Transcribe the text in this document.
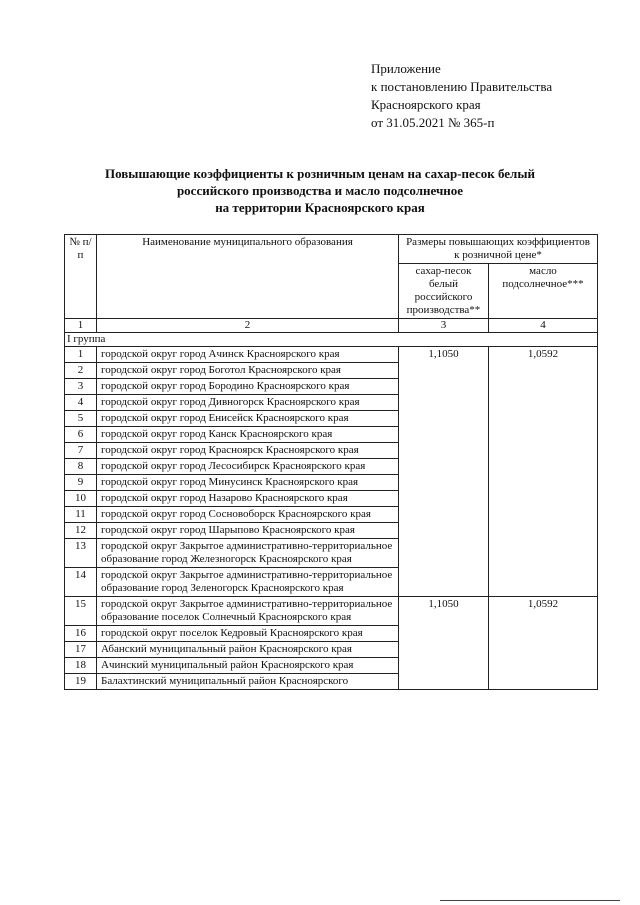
Приложение
к постановлению Правительства
Красноярского края
от 31.05.2021 № 365-п
Повышающие коэффициенты к розничным ценам на сахар-песок белый
российского производства и масло подсолнечное
на территории Красноярского края
№ п/п	Наименование муниципального образования	Размеры повышающих коэффициентов к розничной цене*	
		сахар-песок белый российского производства**	масло подсолнечное***
1	2	3	4
I группа			
1	городской округ город Ачинск Красноярского края	1,1050	1,0592
2	городской округ город Боготол Красноярского края		
3	городской округ город Бородино Красноярского края		
4	городской округ город Дивногорск Красноярского края		
5	городской округ город Енисейск Красноярского края		
6	городской округ город Канск Красноярского края		
7	городской округ город Красноярск Красноярского края		
8	городской округ город Лесосибирск Красноярского края		
9	городской округ город Минусинск Красноярского края		
10	городской округ город Назарово Красноярского края		
11	городской округ город Сосновоборск Красноярского края		
12	городской округ город Шарыпово Красноярского края		
13	городской округ Закрытое административно-территориальное образование город Железногорск Красноярского края		
14	городской округ Закрытое административно-территориальное образование город Зеленогорск Красноярского края		
15	городской округ Закрытое административно-территориальное образование поселок Солнечный Красноярского края	1,1050	1,0592
16	городской округ поселок Кедровый Красноярского края		
17	Абанский муниципальный район Красноярского края		
18	Ачинский муниципальный район Красноярского края		
19	Балахтинский муниципальный район Красноярского		
